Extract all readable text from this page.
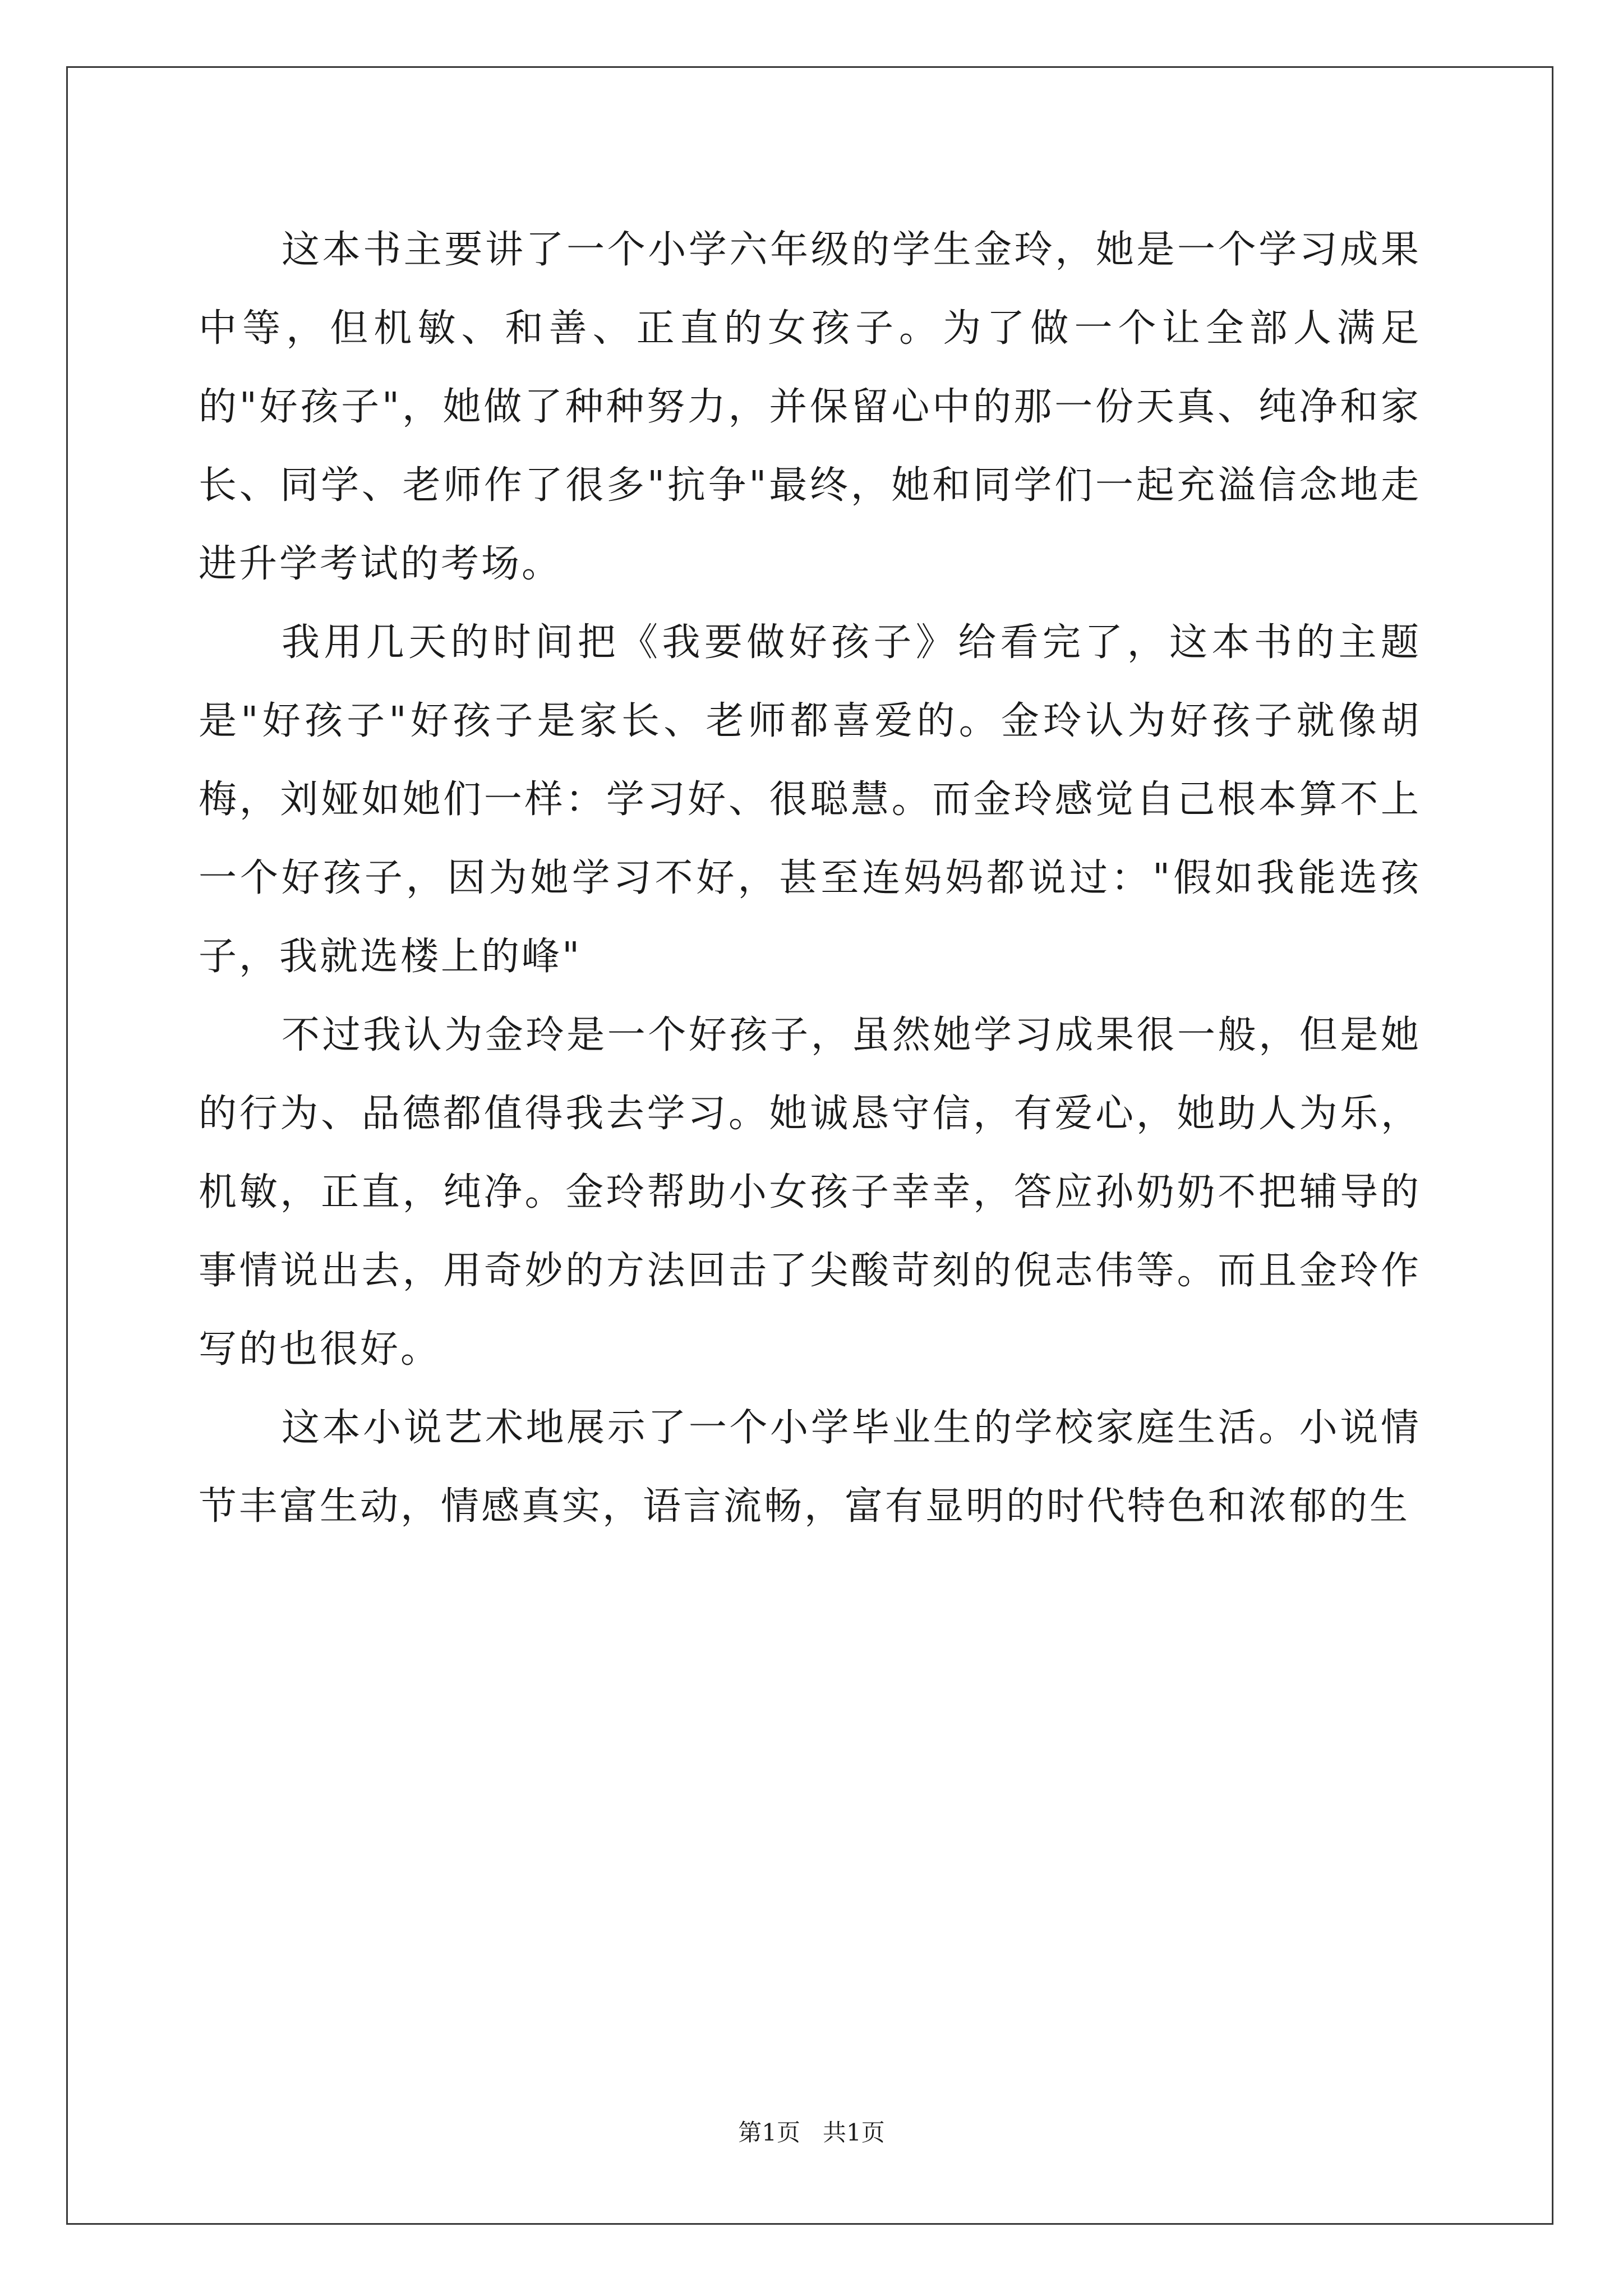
这本书主要讲了一个小学六年级的学生金玲，她是一个学习成果中等，但机敏、和善、正直的女孩子。为了做一个让全部人满足的"好孩子"，她做了种种努力，并保留心中的那一份天真、纯净和家长、同学、老师作了很多"抗争"最终，她和同学们一起充溢信念地走进升学考试的考场。

我用几天的时间把《我要做好孩子》给看完了，这本书的主题是"好孩子"好孩子是家长、老师都喜爱的。金玲认为好孩子就像胡梅，刘娅如她们一样：学习好、很聪慧。而金玲感觉自己根本算不上一个好孩子，因为她学习不好，甚至连妈妈都说过："假如我能选孩子，我就选楼上的峰"

不过我认为金玲是一个好孩子，虽然她学习成果很一般，但是她的行为、品德都值得我去学习。她诚恳守信，有爱心，她助人为乐，机敏，正直，纯净。金玲帮助小女孩子幸幸，答应孙奶奶不把辅导的事情说出去，用奇妙的方法回击了尖酸苛刻的倪志伟等。而且金玲作写的也很好。

这本小说艺术地展示了一个小学毕业生的学校家庭生活。小说情节丰富生动，情感真实，语言流畅，富有显明的时代特色和浓郁的生

第1页 共1页
